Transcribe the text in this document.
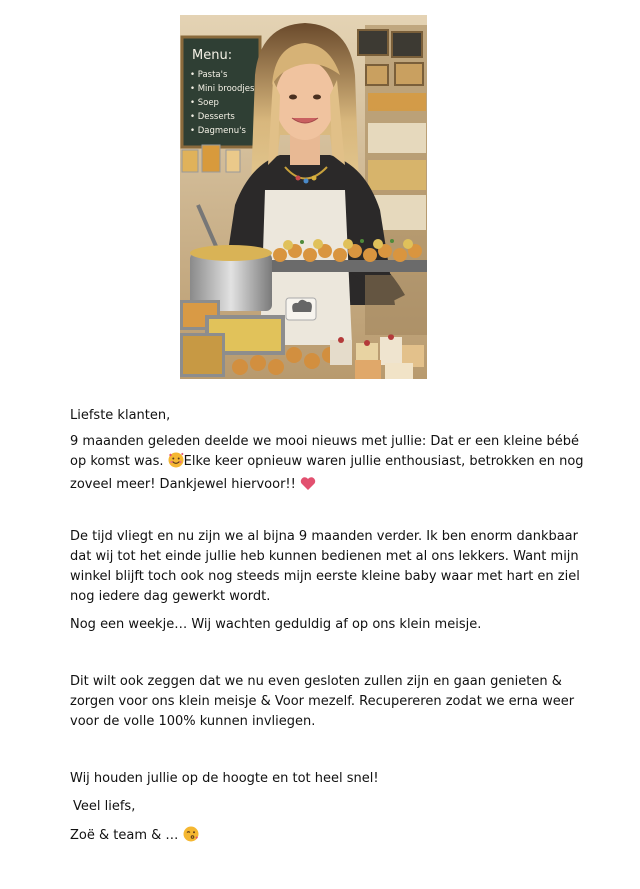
Menu:
• Pasta's
• Mini broodjes
• Soep
• Desserts
• Dagmenu's

Liefste klanten,

9 maanden geleden deelde we mooi nieuws met jullie: Dat er een kleine bébé op komst was. Elke keer opnieuw waren jullie enthousiast, betrokken en nog zoveel meer! Dankjewel hiervoor!!

De tijd vliegt en nu zijn we al bijna 9 maanden verder. Ik ben enorm dankbaar dat wij tot het einde jullie heb kunnen bedienen met al ons lekkers. Want mijn winkel blijft toch ook nog steeds mijn eerste kleine baby waar met hart en ziel nog iedere dag gewerkt wordt.

Nog een weekje… Wij wachten geduldig af op ons klein meisje.

Dit wilt ook zeggen dat we nu even gesloten zullen zijn en gaan genieten & zorgen voor ons klein meisje & Voor mezelf. Recupereren zodat we erna weer voor de volle 100% kunnen invliegen.

Wij houden jullie op de hoogte en tot heel snel!

Veel liefs,

Zoë & team & …
